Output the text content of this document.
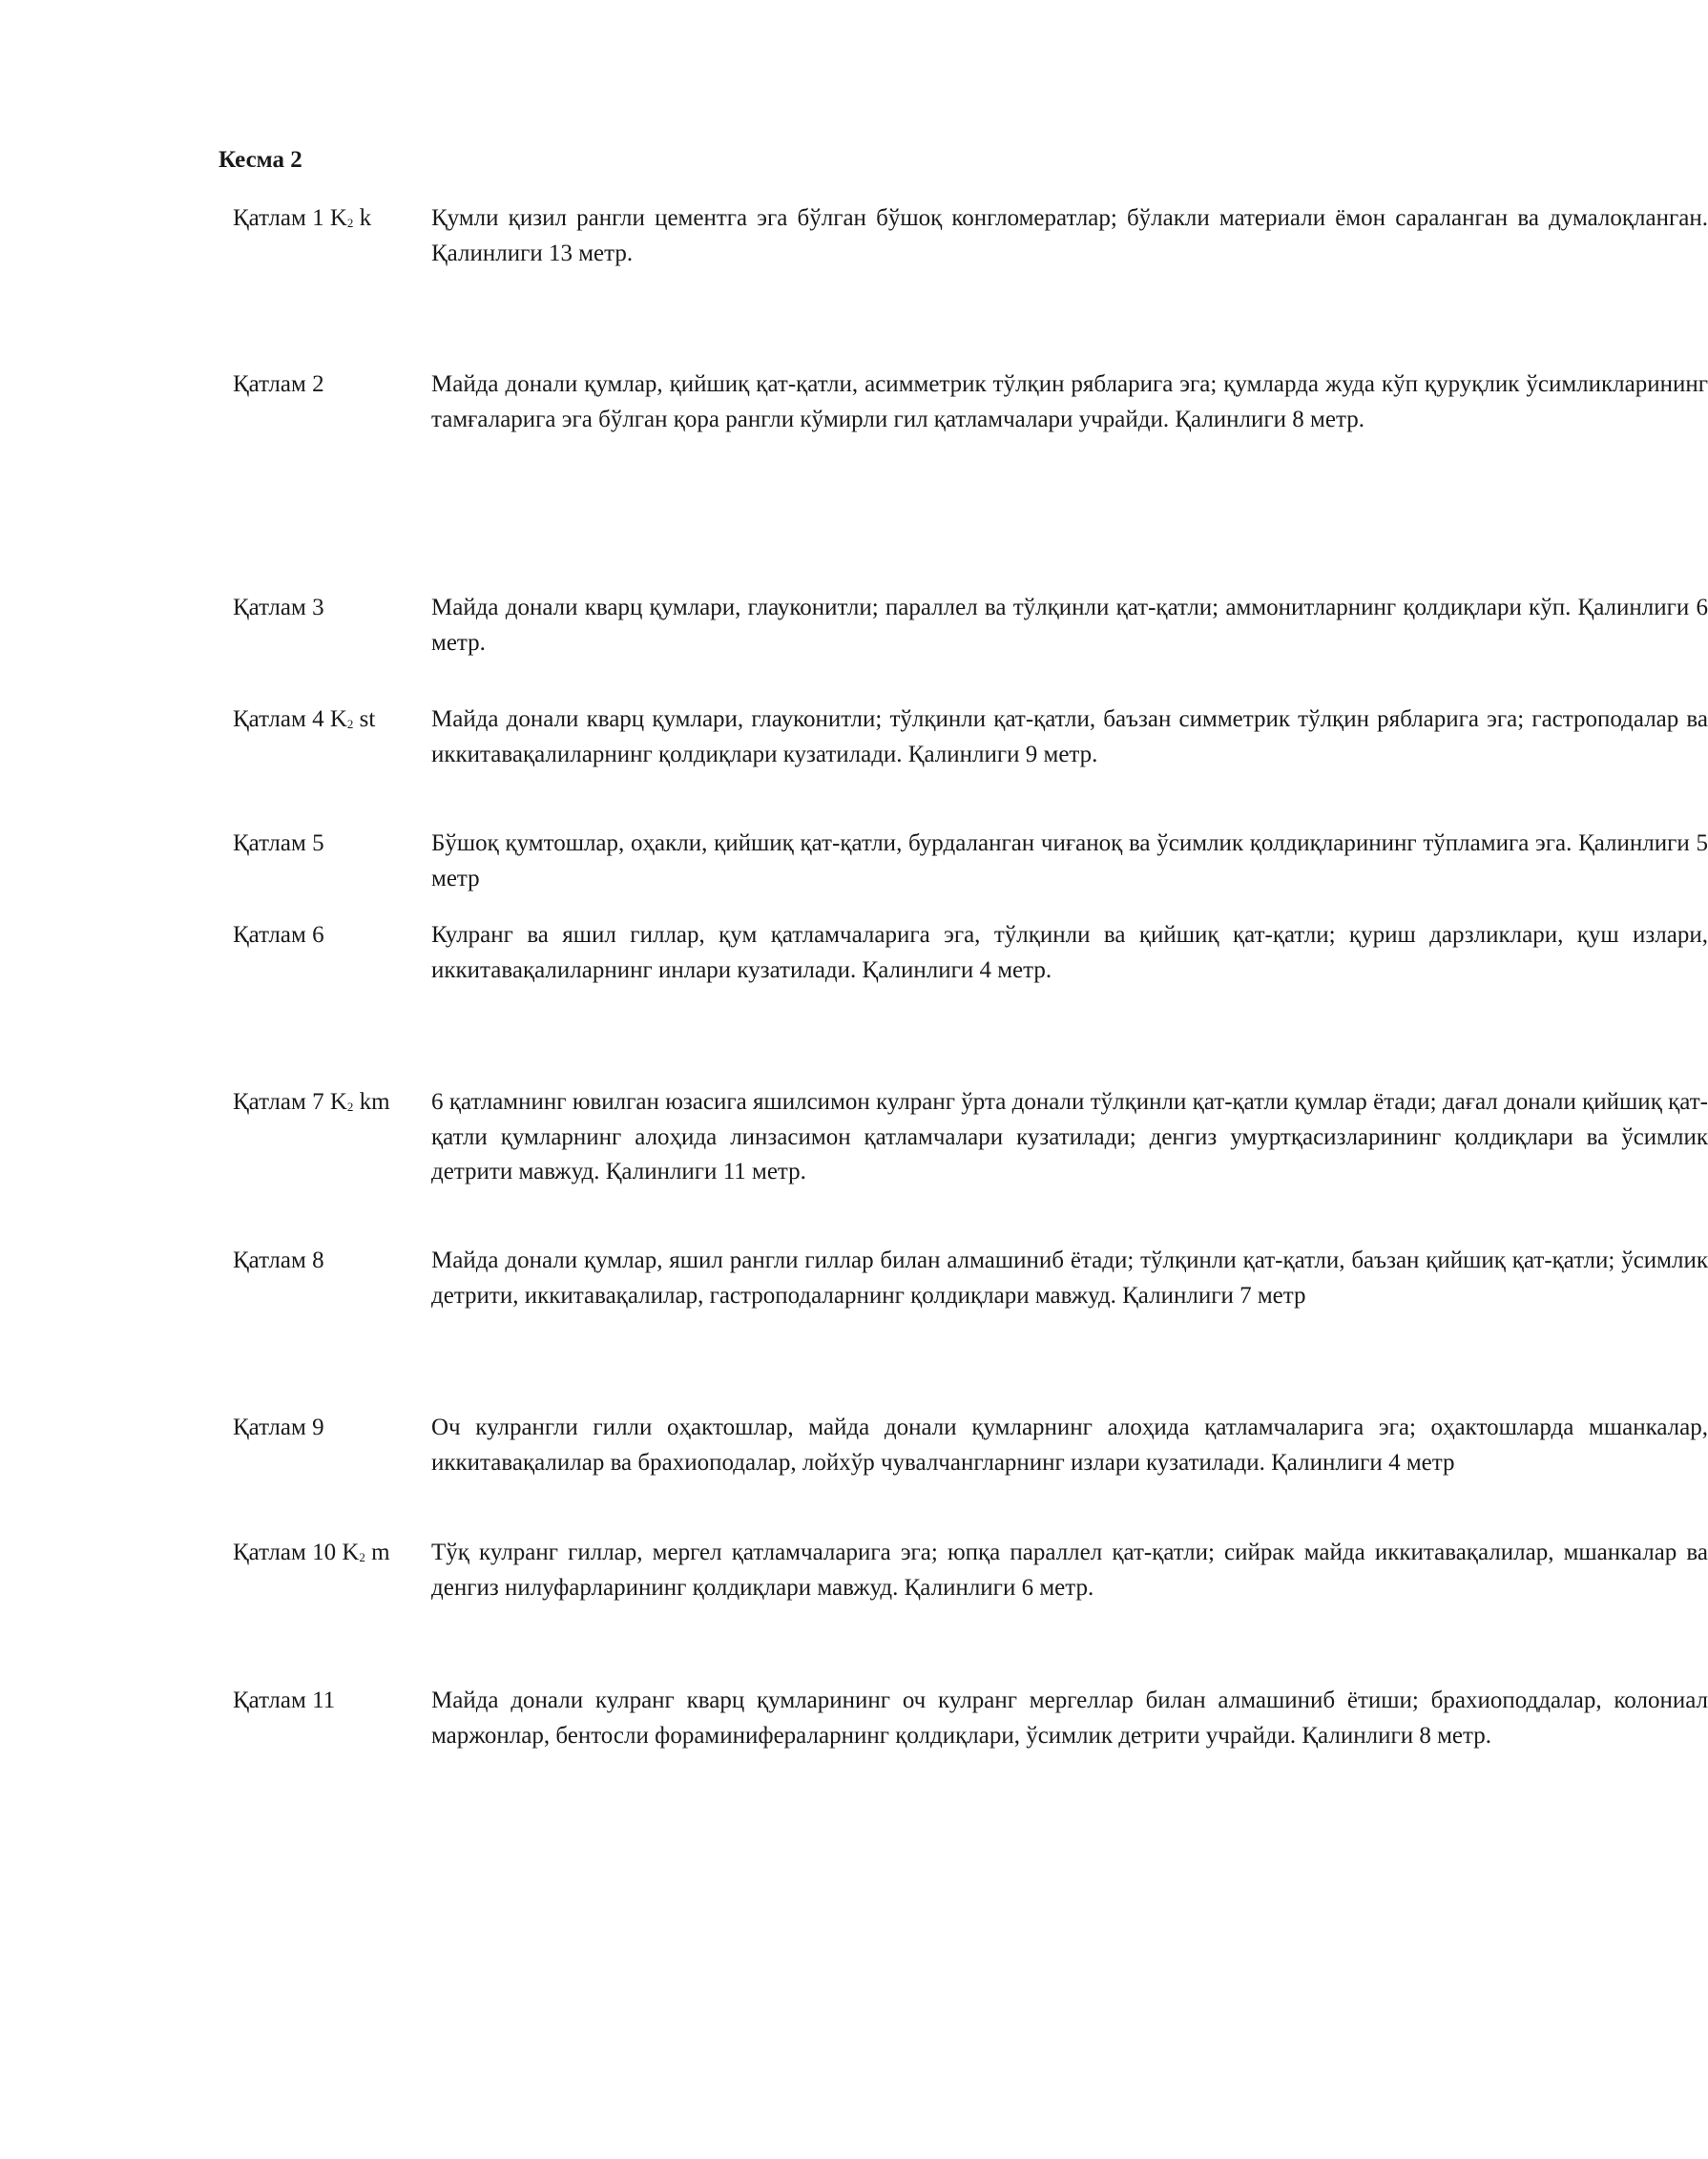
Кесма 2
Қатлам 1 $K_2$ k	Қумли қизил рангли цементга эга бўлган бўшоқ конгломератлар; бўлакли материали ёмон сараланган ва думалоқланган. Қалинлиги 13 метр.
Қатлам 2	Майда донали қумлар, қийшиқ қат-қатли, асимметрик тўлқин рябларига эга; қумларда жуда кўп қуруқлик ўсимликларининг тамғаларига эга бўлган қора рангли кўмирли гил қатламчалари учрайди. Қалинлиги 8 метр.
Қатлам 3	Майда донали кварц қумлари, глауконитли; параллел ва тўлқинли қат-қатли; аммонитларнинг қолдиқлари кўп. Қалинлиги 6 метр.
Қатлам 4 $K_2$ st	Майда донали кварц қумлари, глауконитли; тўлқинли қат-қатли, баъзан симметрик тўлқин рябларига эга; гастроподалар ва иккитавақалиларнинг қолдиқлари кузатилади. Қалинлиги 9 метр.
Қатлам 5	Бўшоқ қумтошлар, оҳакли, қийшиқ қат-қатли, бурдаланган чиғаноқ ва ўсимлик қолдиқларининг тўпламига эга. Қалинлиги 5 метр
Қатлам 6	Кулранг ва яшил гиллар, қум қатламчаларига эга, тўлқинли ва қийшиқ қат-қатли; қуриш дарзликлари, қуш излари, иккитавақалиларнинг инлари кузатилади. Қалинлиги 4 метр.
Қатлам 7 $K_2$ km	6 қатламнинг ювилган юзасига яшилсимон кулранг ўрта донали тўлқинли қат-қатли қумлар ётади; дағал донали қийшиқ қат-қатли қумларнинг алоҳида линзасимон қатламчалари кузатилади; денгиз умуртқасизларининг қолдиқлари ва ўсимлик детрити мавжуд. Қалинлиги 11 метр.
Қатлам 8	Майда донали қумлар, яшил рангли гиллар билан алмашиниб ётади; тўлқинли қат-қатли, баъзан қийшиқ қат-қатли; ўсимлик детрити, иккитавақалилар, гастроподаларнинг қолдиқлари мавжуд. Қалинлиги 7 метр
Қатлам 9	Оч кулрангли гилли оҳактошлар, майда донали қумларнинг алоҳида қатламчаларига эга; оҳактошларда мшанкалар, иккитавақалилар ва брахиоподалар, лойхўр чувалчангларнинг излари кузатилади. Қалинлиги 4 метр
Қатлам 10 $K_2$ m	Тўқ кулранг гиллар, мергел қатламчаларига эга; юпқа параллел қат-қатли; сийрак майда иккитавақалилар, мшанкалар ва денгиз нилуфарларининг қолдиқлари мавжуд. Қалинлиги 6 метр.
Қатлам 11	Майда донали кулранг кварц қумларининг оч кулранг мергеллар билан алмашиниб ётиши; брахиоподдалар, колониал маржонлар, бентосли фораминифераларнинг қолдиқлари, ўсимлик детрити учрайди. Қалинлиги 8 метр.
